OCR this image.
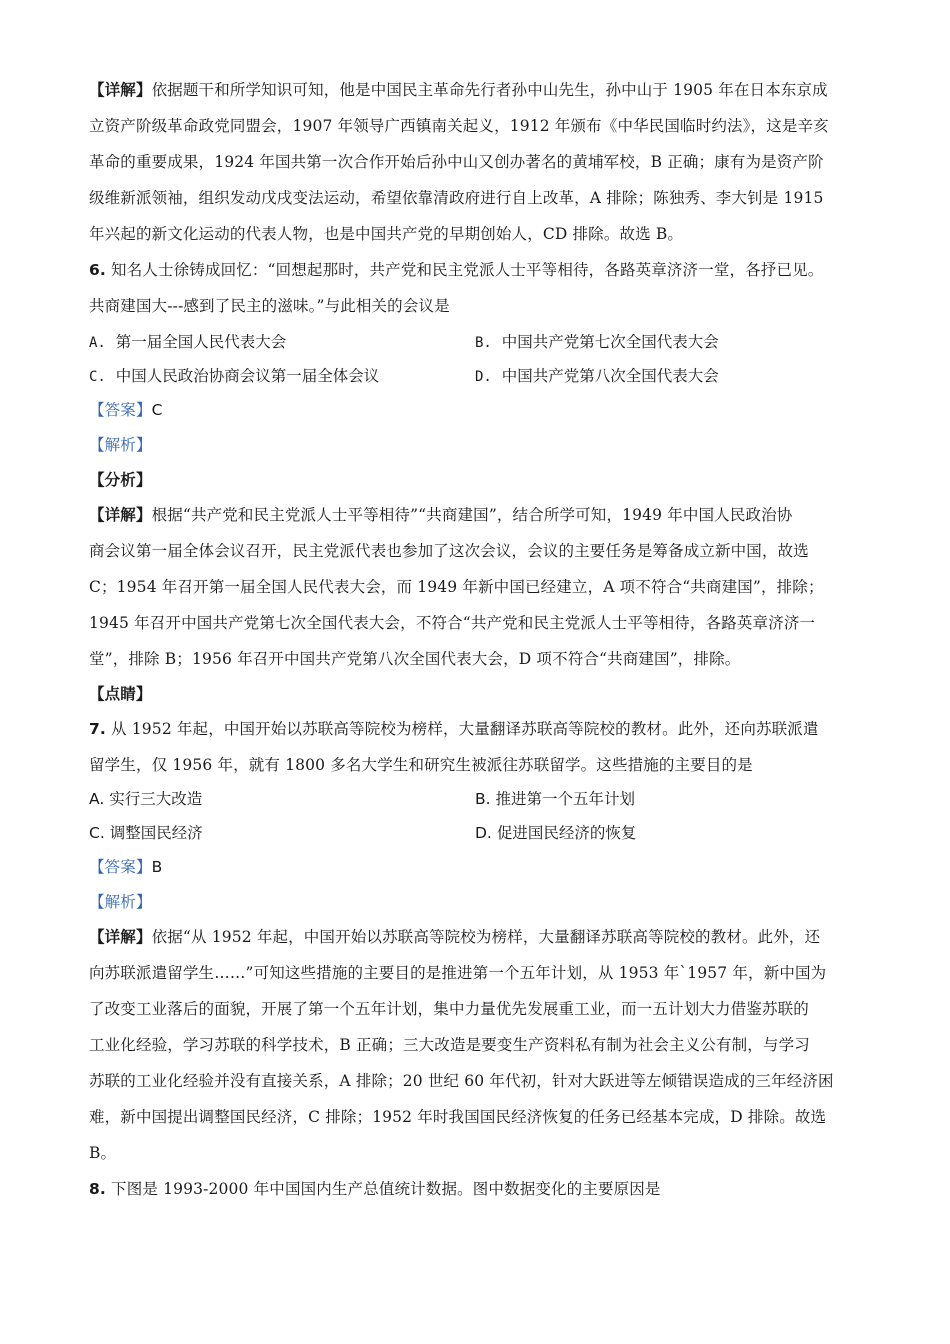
【详解】依据题干和所学知识可知，他是中国民主革命先行者孙中山先生，孙中山于 1905 年在日本东京成
立资产阶级革命政党同盟会，1907 年领导广西镇南关起义，1912 年颁布《中华民国临时约法》，这是辛亥
革命的重要成果，1924 年国共第一次合作开始后孙中山又创办著名的黄埔军校，B 正确；康有为是资产阶
级维新派领袖，组织发动戊戌变法运动，希望依靠清政府进行自上改革，A 排除；陈独秀、李大钊是 1915
年兴起的新文化运动的代表人物，也是中国共产党的早期创始人，CD 排除。故选 B。
6. 知名人士徐铸成回忆：“回想起那时，共产党和民主党派人士平等相待，各路英章济济一堂，各抒已见。
共商建国大---感到了民主的滋味。”与此相关的会议是
A. 第一届全国人民代表大会	B. 中国共产党第七次全国代表大会
C. 中国人民政治协商会议第一届全体会议	D. 中国共产党第八次全国代表大会
【答案】C
【解析】
【分析】
【详解】根据“共产党和民主党派人士平等相待”“共商建国”，结合所学可知，1949 年中国人民政治协
商会议第一届全体会议召开，民主党派代表也参加了这次会议，会议的主要任务是筹备成立新中国，故选
C；1954 年召开第一届全国人民代表大会，而 1949 年新中国已经建立，A 项不符合“共商建国”，排除；
1945 年召开中国共产党第七次全国代表大会，不符合“共产党和民主党派人士平等相待，各路英章济济一
堂”，排除 B；1956 年召开中国共产党第八次全国代表大会，D 项不符合“共商建国”，排除。
【点睛】
7. 从 1952 年起，中国开始以苏联高等院校为榜样，大量翻译苏联高等院校的教材。此外，还向苏联派遣
留学生，仅 1956 年，就有 1800 多名大学生和研究生被派往苏联留学。这些措施的主要目的是
A. 实行三大改造	B. 推进第一个五年计划
C. 调整国民经济	D. 促进国民经济的恢复
【答案】B
【解析】
【详解】依据“从 1952 年起，中国开始以苏联高等院校为榜样，大量翻译苏联高等院校的教材。此外，还
向苏联派遣留学生……”可知这些措施的主要目的是推进第一个五年计划，从 1953 年`1957 年，新中国为
了改变工业落后的面貌，开展了第一个五年计划，集中力量优先发展重工业，而一五计划大力借鉴苏联的
工业化经验，学习苏联的科学技术，B 正确；三大改造是要变生产资料私有制为社会主义公有制，与学习
苏联的工业化经验并没有直接关系，A 排除；20 世纪 60 年代初，针对大跃进等左倾错误造成的三年经济困
难，新中国提出调整国民经济，C 排除；1952 年时我国国民经济恢复的任务已经基本完成，D 排除。故选
B。
8. 下图是 1993-2000 年中国国内生产总值统计数据。图中数据变化的主要原因是
